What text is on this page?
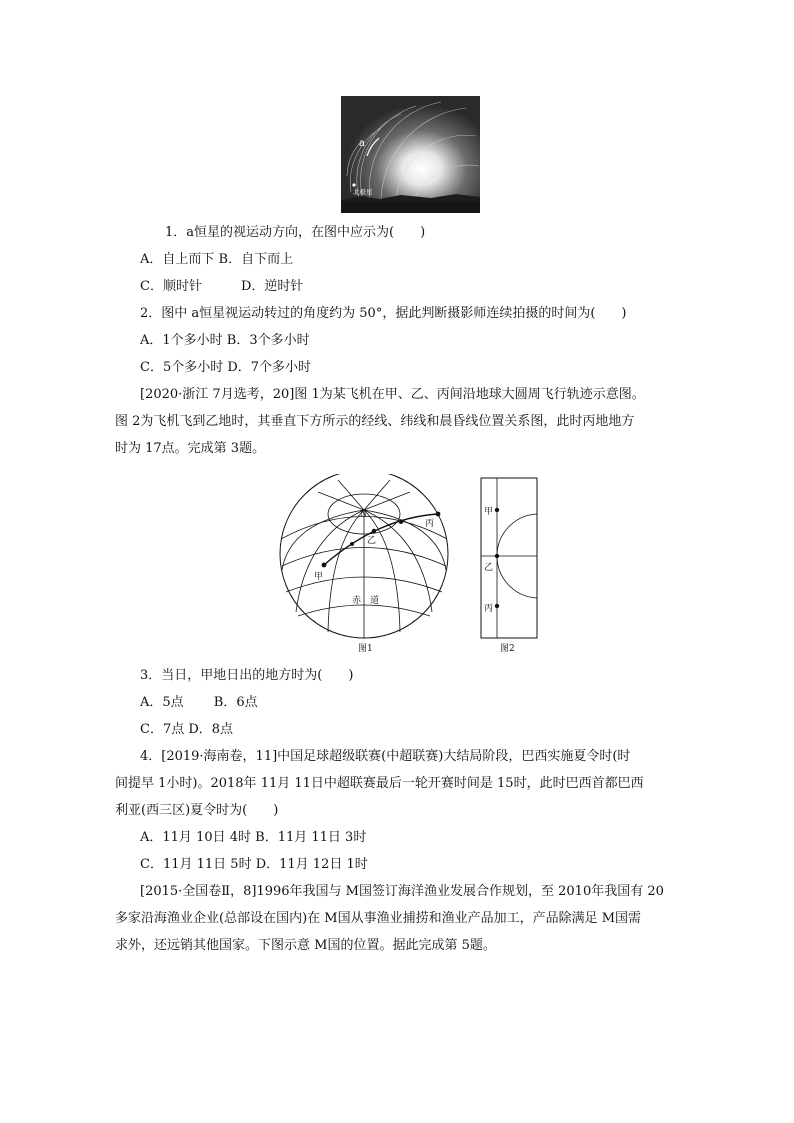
a
北极星
1．a恒星的视运动方向，在图中应示为(　　)
A．自上而下 B．自下而上
C．顺时针　　　D．逆时针
2．图中 a恒星视运动转过的角度约为 50°，据此判断摄影师连续拍摄的时间为(　　)
A．1个多小时 B．3个多小时
C．5个多小时 D．7个多小时
[2020·浙江 7月选考，20]图 1为某飞机在甲、乙、丙间沿地球大圆周飞行轨迹示意图。
图 2为飞机飞到乙地时，其垂直下方所示的经线、纬线和晨昏线位置关系图，此时丙地地方
时为 17点。完成第 3题。
N
甲
乙
丙
赤　道
图1
甲
乙
丙
图2
3．当日，甲地日出的地方时为(　　)
A．5点　　 B．6点
C．7点 D．8点
4．[2019·海南卷，11]中国足球超级联赛(中超联赛)大结局阶段，巴西实施夏令时(时
间提早 1小时)。2018年 11月 11日中超联赛最后一轮开赛时间是 15时，此时巴西首都巴西
利亚(西三区)夏令时为(　　)
A．11月 10日 4时 B．11月 11日 3时
C．11月 11日 5时 D．11月 12日 1时
[2015·全国卷Ⅱ，8]1996年我国与 M国签订海洋渔业发展合作规划，至 2010年我国有 20
多家沿海渔业企业(总部设在国内)在 M国从事渔业捕捞和渔业产品加工，产品除满足 M国需
求外，还远销其他国家。下图示意 M国的位置。据此完成第 5题。
